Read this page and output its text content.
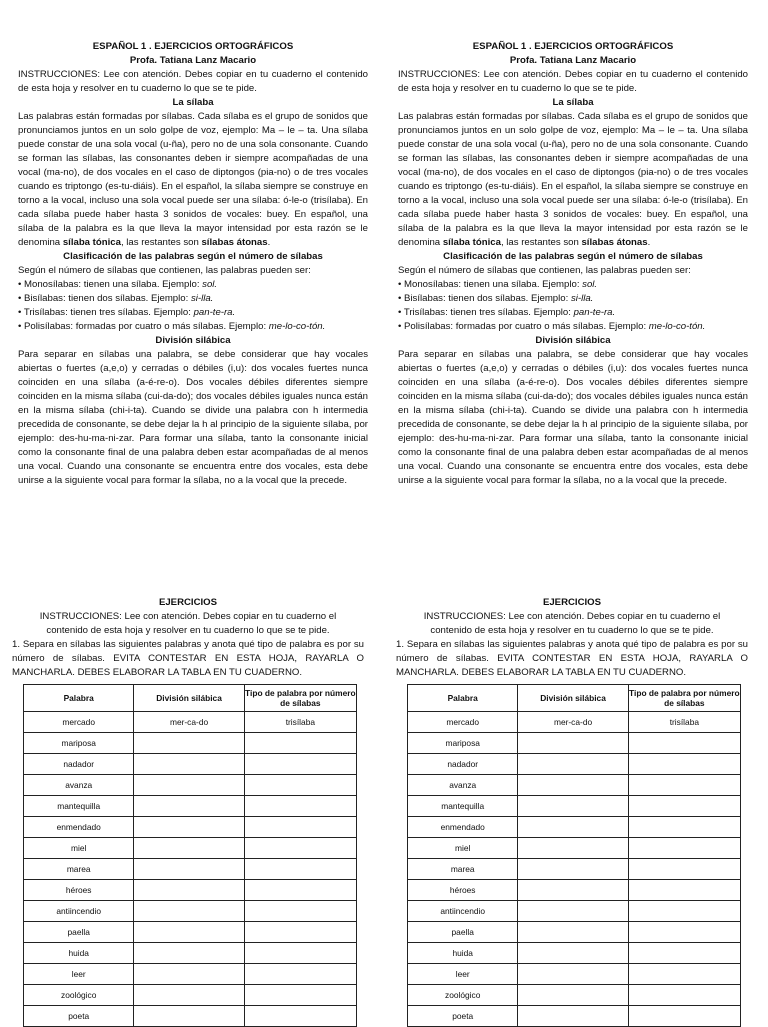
ESPAÑOL 1 . EJERCICIOS ORTOGRÁFICOS
Profa. Tatiana Lanz Macario
INSTRUCCIONES: Lee con atención. Debes copiar en tu cuaderno el contenido de esta hoja y resolver en tu cuaderno lo que se te pide.
La sílaba
Las palabras están formadas por sílabas. Cada sílaba es el grupo de sonidos que pronunciamos juntos en un solo golpe de voz, ejemplo: Ma – le – ta. Una sílaba puede constar de una sola vocal (u-ña), pero no de una sola consonante. Cuando se forman las sílabas, las consonantes deben ir siempre acompañadas de una vocal (ma-no), de dos vocales en el caso de diptongos (pia-no) o de tres vocales cuando es triptongo (es-tu-diáis). En el español, la sílaba siempre se construye en torno a la vocal, incluso una sola vocal puede ser una sílaba: ó-le-o (trisílaba). En cada sílaba puede haber hasta 3 sonidos de vocales: buey. En español, una sílaba de la palabra es la que lleva la mayor intensidad por esta razón se le denomina sílaba tónica, las restantes son sílabas átonas.
Clasificación de las palabras según el número de sílabas
Según el número de sílabas que contienen, las palabras pueden ser:
• Monosílabas: tienen una sílaba. Ejemplo: sol.
• Bisílabas: tienen dos sílabas. Ejemplo: si-lla.
• Trisílabas: tienen tres sílabas. Ejemplo: pan-te-ra.
• Polisílabas: formadas por cuatro o más sílabas. Ejemplo: me-lo-co-tón.
División silábica
Para separar en sílabas una palabra, se debe considerar que hay vocales abiertas o fuertes (a,e,o) y cerradas o débiles (i,u): dos vocales fuertes nunca coinciden en una sílaba (a-é-re-o). Dos vocales débiles diferentes siempre coinciden en la misma sílaba (cui-da-do); dos vocales débiles iguales nunca están en la misma sílaba (chi-i-ta). Cuando se divide una palabra con h intermedia precedida de consonante, se debe dejar la h al principio de la siguiente sílaba, por ejemplo: des-hu-ma-ni-zar. Para formar una sílaba, tanto la consonante inicial como la consonante final de una palabra deben estar acompañadas de al menos una vocal. Cuando una consonante se encuentra entre dos vocales, esta debe unirse a la siguiente vocal para formar la sílaba, no a la vocal que la precede.
ESPAÑOL 1 . EJERCICIOS ORTOGRÁFICOS
Profa. Tatiana Lanz Macario
INSTRUCCIONES: Lee con atención. Debes copiar en tu cuaderno el contenido de esta hoja y resolver en tu cuaderno lo que se te pide.
La sílaba
Las palabras están formadas por sílabas. Cada sílaba es el grupo de sonidos que pronunciamos juntos en un solo golpe de voz, ejemplo: Ma – le – ta. Una sílaba puede constar de una sola vocal (u-ña), pero no de una sola consonante. Cuando se forman las sílabas, las consonantes deben ir siempre acompañadas de una vocal (ma-no), de dos vocales en el caso de diptongos (pia-no) o de tres vocales cuando es triptongo (es-tu-diáis). En el español, la sílaba siempre se construye en torno a la vocal, incluso una sola vocal puede ser una sílaba: ó-le-o (trisílaba). En cada sílaba puede haber hasta 3 sonidos de vocales: buey. En español, una sílaba de la palabra es la que lleva la mayor intensidad por esta razón se le denomina sílaba tónica, las restantes son sílabas átonas.
Clasificación de las palabras según el número de sílabas
Según el número de sílabas que contienen, las palabras pueden ser:
• Monosílabas: tienen una sílaba. Ejemplo: sol.
• Bisílabas: tienen dos sílabas. Ejemplo: si-lla.
• Trisílabas: tienen tres sílabas. Ejemplo: pan-te-ra.
• Polisílabas: formadas por cuatro o más sílabas. Ejemplo: me-lo-co-tón.
División silábica
Para separar en sílabas una palabra, se debe considerar que hay vocales abiertas o fuertes (a,e,o) y cerradas o débiles (i,u): dos vocales fuertes nunca coinciden en una sílaba (a-é-re-o). Dos vocales débiles diferentes siempre coinciden en la misma sílaba (cui-da-do); dos vocales débiles iguales nunca están en la misma sílaba (chi-i-ta). Cuando se divide una palabra con h intermedia precedida de consonante, se debe dejar la h al principio de la siguiente sílaba, por ejemplo: des-hu-ma-ni-zar. Para formar una sílaba, tanto la consonante inicial como la consonante final de una palabra deben estar acompañadas de al menos una vocal. Cuando una consonante se encuentra entre dos vocales, esta debe unirse a la siguiente vocal para formar la sílaba, no a la vocal que la precede.
EJERCICIOS
INSTRUCCIONES: Lee con atención. Debes copiar en tu cuaderno el contenido de esta hoja y resolver en tu cuaderno lo que se te pide.
1. Separa en sílabas las siguientes palabras y anota qué tipo de palabra es por su número de sílabas. EVITA CONTESTAR EN ESTA HOJA, RAYARLA O MANCHARLA. DEBES ELABORAR LA TABLA EN TU CUADERNO.
Palabra	División silábica	Tipo de palabra por número de sílabas
mercado	mer-ca-do	trisílaba
mariposa		
nadador		
avanza		
mantequilla		
enmendado		
miel		
marea		
héroes		
antiincendio		
paella		
huida		
leer		
zoológico		
poeta		
EJERCICIOS
INSTRUCCIONES: Lee con atención. Debes copiar en tu cuaderno el contenido de esta hoja y resolver en tu cuaderno lo que se te pide.
1. Separa en sílabas las siguientes palabras y anota qué tipo de palabra es por su número de sílabas. EVITA CONTESTAR EN ESTA HOJA, RAYARLA O MANCHARLA. DEBES ELABORAR LA TABLA EN TU CUADERNO.
Palabra	División silábica	Tipo de palabra por número de sílabas
mercado	mer-ca-do	trisílaba
mariposa		
nadador		
avanza		
mantequilla		
enmendado		
miel		
marea		
héroes		
antiincendio		
paella		
huida		
leer		
zoológico		
poeta		
